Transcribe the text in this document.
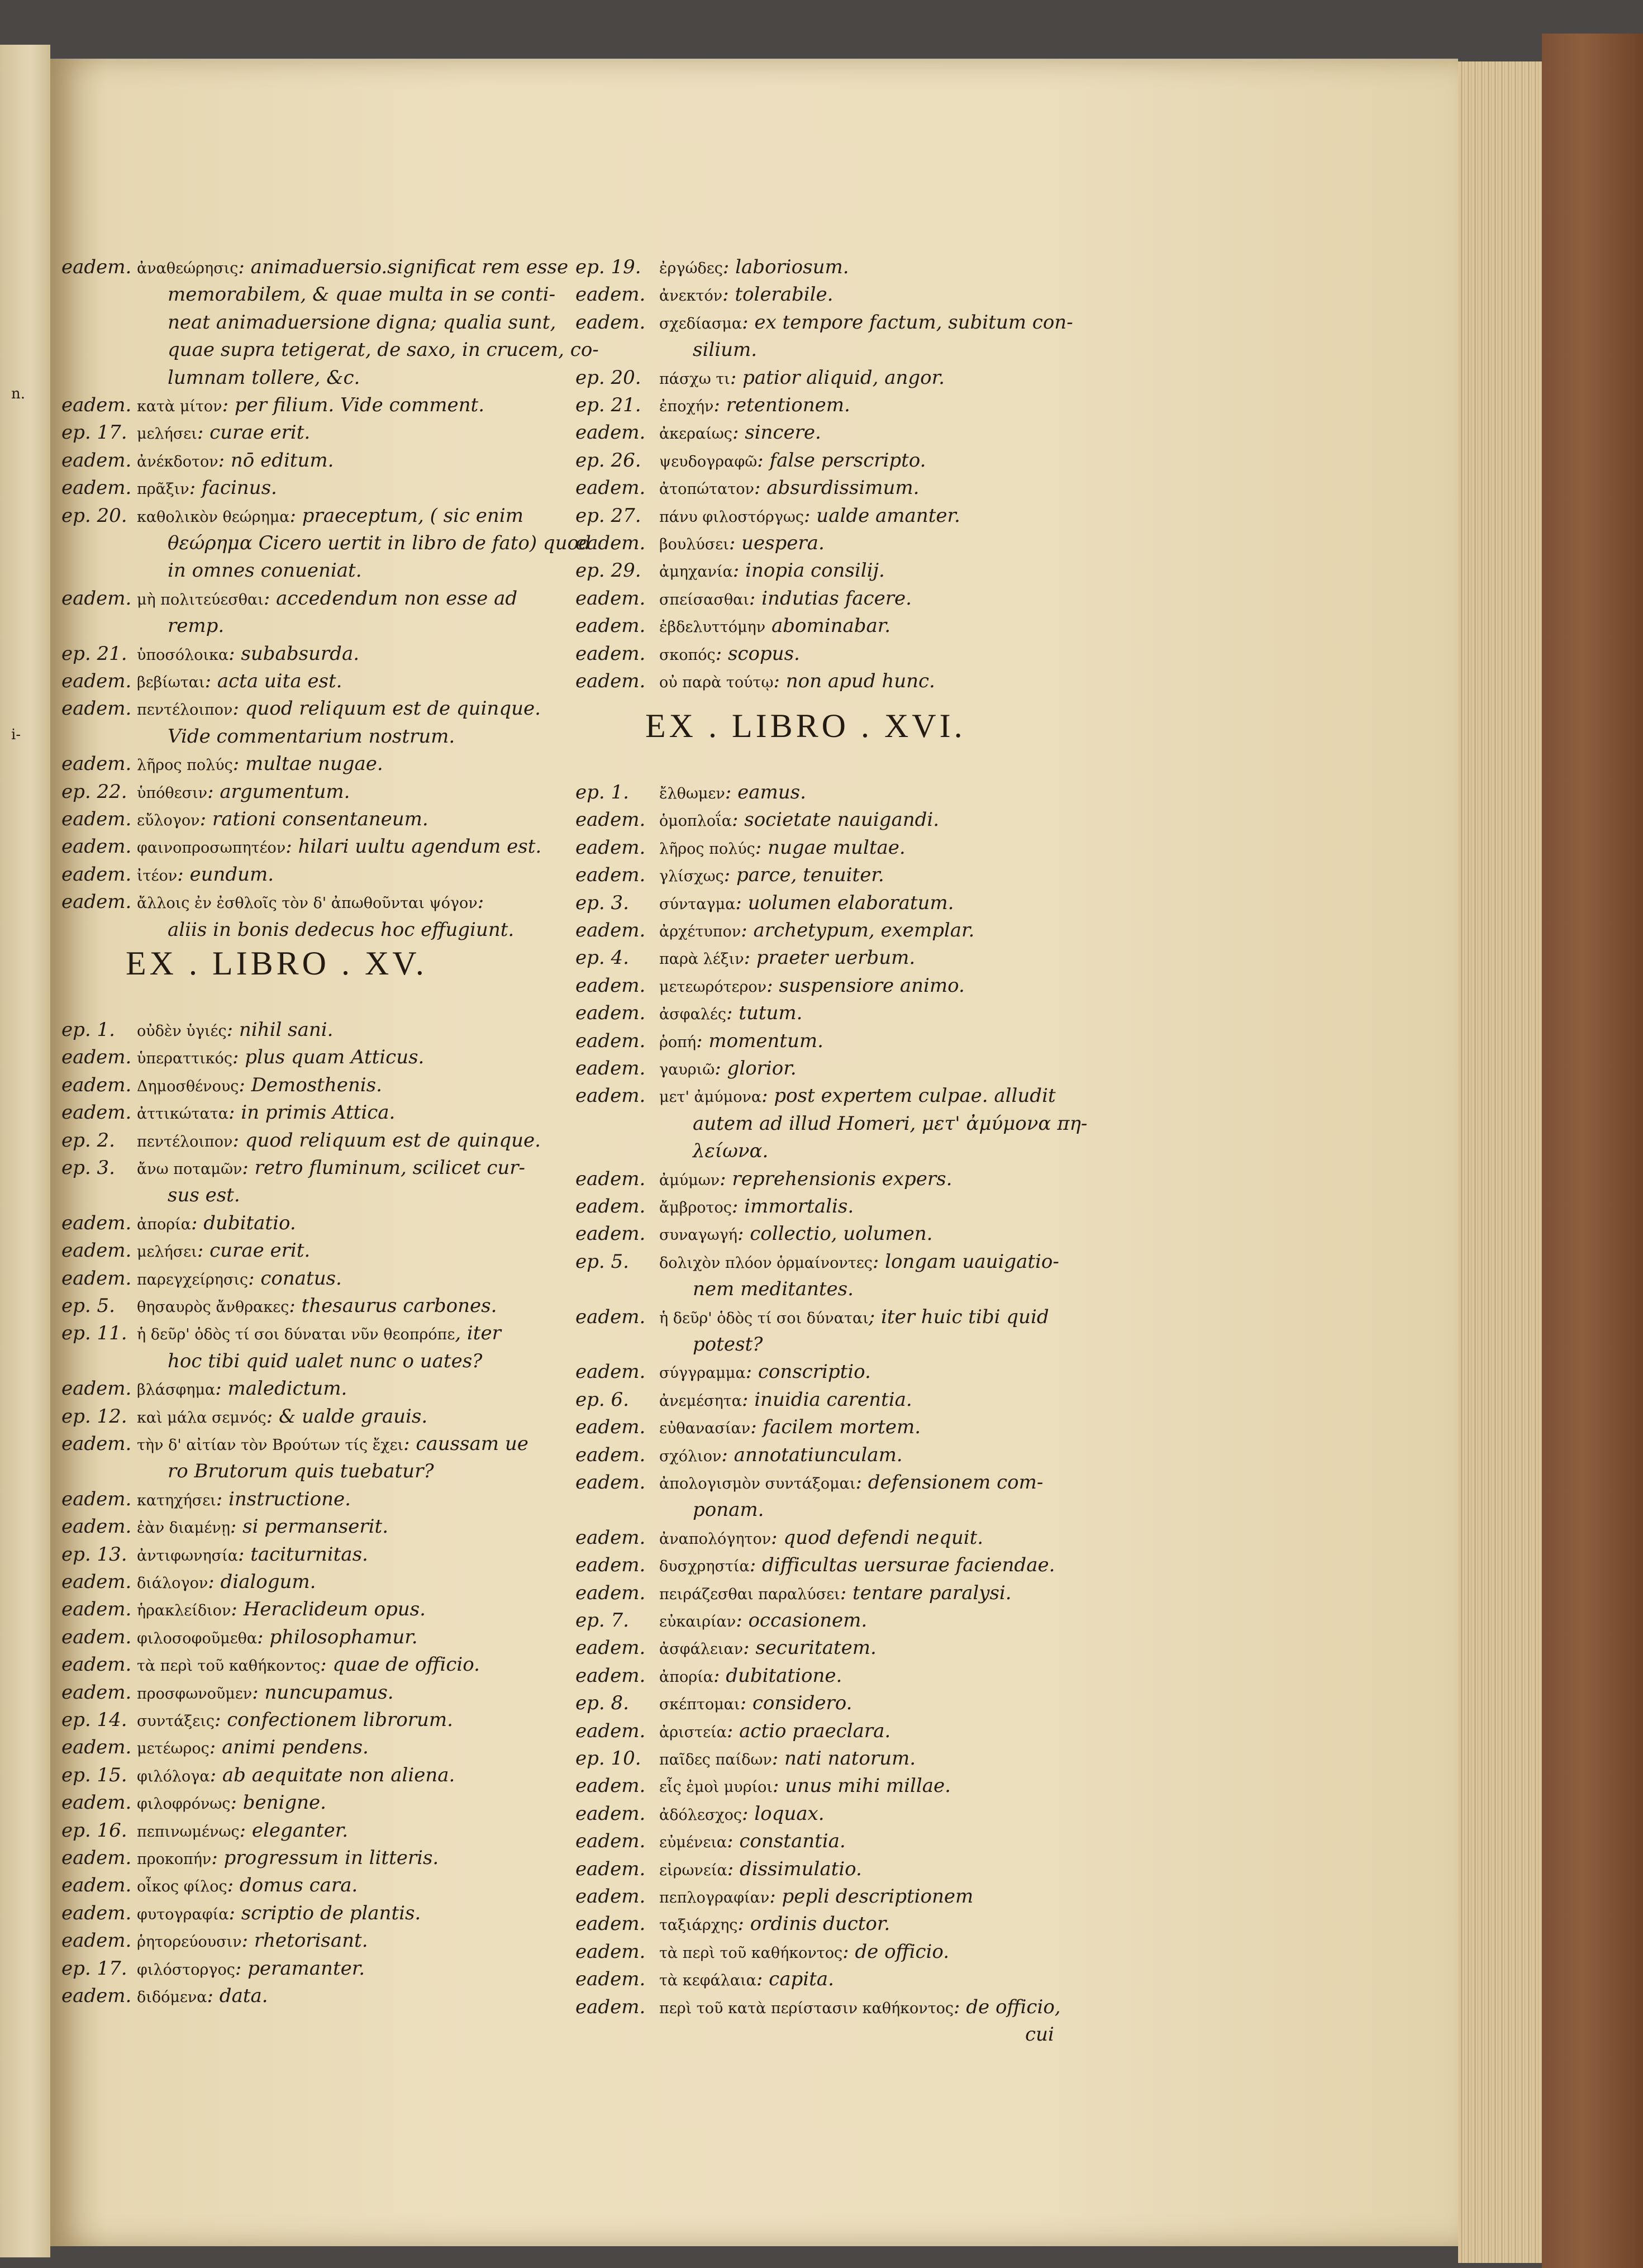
n.
i-
eadem. ἀναθεώρησις: animaduersio.significat rem esse
memorabilem, & quae multa in se conti-
neat animaduersione digna; qualia sunt,
quae supra tetigerat, de saxo, in crucem, co-
lumnam tollere, &c.
eadem. κατὰ μίτον: per filium. Vide comment.
ep. 17. μελήσει: curae erit.
eadem. ἀνέκδοτον: nō editum.
eadem. πρᾶξιν: facinus.
ep. 20. καθολικὸν θεώρημα: praeceptum, ( sic enim
θεώρημα Cicero uertit in libro de fato) quod
in omnes conueniat.
eadem. μὴ πολιτεύεσθαι: accedendum non esse ad
remp.
ep. 21. ὑποσόλοικα: subabsurda.
eadem. βεβίωται: acta uita est.
eadem. πεντέλοιπον: quod reliquum est de quinque.
Vide commentarium nostrum.
eadem. λῆρος πολύς: multae nugae.
ep. 22. ὑπόθεσιν: argumentum.
eadem. εὔλογον: rationi consentaneum.
eadem. φαινοπροσωπητέον: hilari uultu agendum est.
eadem. ἰτέον: eundum.
eadem. ἄλλοις ἐν ἐσθλοῖς τὸν δ' ἀπωθοῦνται ψόγον:
aliis in bonis dedecus hoc effugiunt.
EX . LIBRO . XV.
ep. 1. οὐδὲν ὑγιές: nihil sani.
eadem. ὑπεραττικός: plus quam Atticus.
eadem. Δημοσθένους: Demosthenis.
eadem. ἀττικώτατα: in primis Attica.
ep. 2. πεντέλοιπον: quod reliquum est de quinque.
ep. 3. ἄνω ποταμῶν: retro fluminum, scilicet cur-
sus est.
eadem. ἀπορία: dubitatio.
eadem. μελήσει: curae erit.
eadem. παρεγχείρησις: conatus.
ep. 5. θησαυρὸς ἄνθρακες: thesaurus carbones.
ep. 11. ἡ δεῦρ' ὁδὸς τί σοι δύναται νῦν θεοπρόπε, iter
hoc tibi quid ualet nunc o uates?
eadem. βλάσφημα: maledictum.
ep. 12. καὶ μάλα σεμνός: & ualde grauis.
eadem. τὴν δ' αἰτίαν τὸν Βρούτων τίς ἔχει: caussam ue
ro Brutorum quis tuebatur?
eadem. κατηχήσει: instructione.
eadem. ἐὰν διαμένῃ: si permanserit.
ep. 13. ἀντιφωνησία: taciturnitas.
eadem. διάλογον: dialogum.
eadem. ἡρακλείδιον: Heraclideum opus.
eadem. φιλοσοφοῦμεθα: philosophamur.
eadem. τὰ περὶ τοῦ καθήκοντος: quae de officio.
eadem. προσφωνοῦμεν: nuncupamus.
ep. 14. συντάξεις: confectionem librorum.
eadem. μετέωρος: animi pendens.
ep. 15. φιλόλογα: ab aequitate non aliena.
eadem. φιλοφρόνως: benigne.
ep. 16. πεπινωμένως: eleganter.
eadem. προκοπήν: progressum in litteris.
eadem. οἶκος φίλος: domus cara.
eadem. φυτογραφία: scriptio de plantis.
eadem. ῥητορεύουσιν: rhetorisant.
ep. 17. φιλόστοργος: peramanter.
eadem. διδόμενα: data.
ep. 19. ἐργώδες: laboriosum.
eadem. ἀνεκτόν: tolerabile.
eadem. σχεδίασμα: ex tempore factum, subitum con-
silium.
ep. 20. πάσχω τι: patior aliquid, angor.
ep. 21. ἐποχήν: retentionem.
eadem. ἀκεραίως: sincere.
ep. 26. ψευδογραφῶ: false perscripto.
eadem. ἀτοπώτατον: absurdissimum.
ep. 27. πάνυ φιλοστόργως: ualde amanter.
eadem. βουλύσει: uespera.
ep. 29. ἀμηχανία: inopia consilij.
eadem. σπείσασθαι: indutias facere.
eadem. ἐβδελυττόμην abominabar.
eadem. σκοπός: scopus.
eadem. οὐ παρὰ τούτῳ: non apud hunc.
EX . LIBRO . XVI.
ep. 1. ἔλθωμεν: eamus.
eadem. ὁμοπλοΐα: societate nauigandi.
eadem. λῆρος πολύς: nugae multae.
eadem. γλίσχως: parce, tenuiter.
ep. 3. σύνταγμα: uolumen elaboratum.
eadem. ἀρχέτυπον: archetypum, exemplar.
ep. 4. παρὰ λέξιν: praeter uerbum.
eadem. μετεωρότερον: suspensiore animo.
eadem. ἀσφαλές: tutum.
eadem. ῥοπή: momentum.
eadem. γαυριῶ: glorior.
eadem. μετ' ἀμύμονα: post expertem culpae. alludit
autem ad illud Homeri, μετ' ἀμύμονα πη-
λείωνα.
eadem. ἀμύμων: reprehensionis expers.
eadem. ἄμβροτος: immortalis.
eadem. συναγωγή: collectio, uolumen.
ep. 5. δολιχὸν πλόον ὁρμαίνοντες: longam uauigatio-
nem meditantes.
eadem. ἡ δεῦρ' ὁδὸς τί σοι δύναται; iter huic tibi quid
potest?
eadem. σύγγραμμα: conscriptio.
ep. 6. ἀνεμέσητα: inuidia carentia.
eadem. εὐθανασίαν: facilem mortem.
eadem. σχόλιον: annotatiunculam.
eadem. ἀπολογισμὸν συντάξομαι: defensionem com-
ponam.
eadem. ἀναπολόγητον: quod defendi nequit.
eadem. δυσχρηστία: difficultas uersurae faciendae.
eadem. πειράζεσθαι παραλύσει: tentare paralysi.
ep. 7. εὐκαιρίαν: occasionem.
eadem. ἀσφάλειαν: securitatem.
eadem. ἀπορία: dubitatione.
ep. 8. σκέπτομαι: considero.
eadem. ἀριστεία: actio praeclara.
ep. 10. παῖδες παίδων: nati natorum.
eadem. εἷς ἐμοὶ μυρίοι: unus mihi millae.
eadem. ἀδόλεσχος: loquax.
eadem. εὐμένεια: constantia.
eadem. εἰρωνεία: dissimulatio.
eadem. πεπλογραφίαν: pepli descriptionem
eadem. ταξιάρχης: ordinis ductor.
eadem. τὰ περὶ τοῦ καθήκοντος: de officio.
eadem. τὰ κεφάλαια: capita.
eadem. περὶ τοῦ κατὰ περίστασιν καθήκοντος: de officio,
cui
